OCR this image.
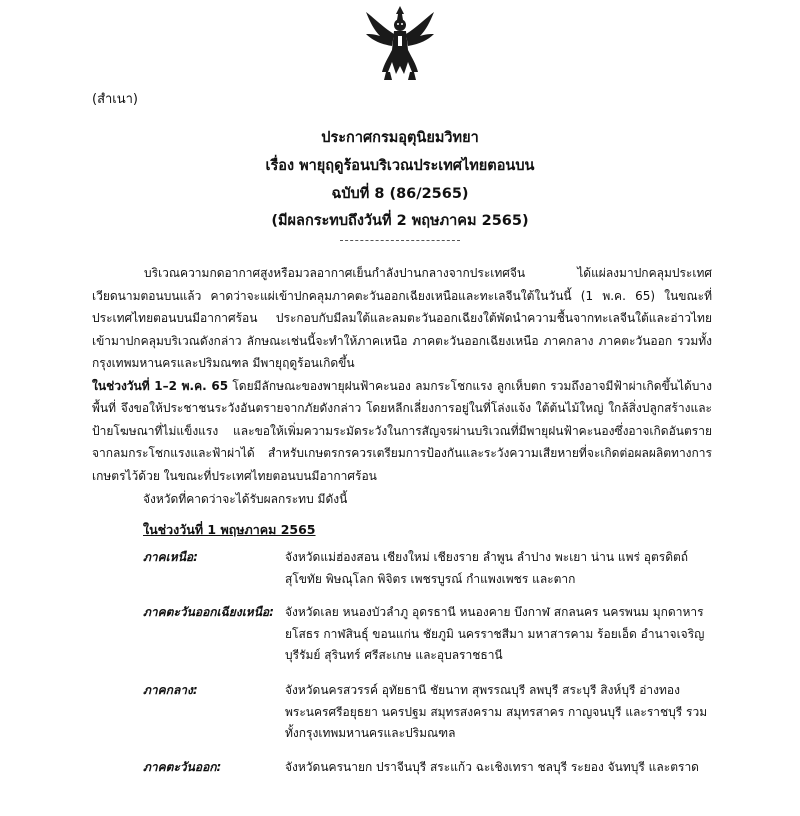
(สำเนา)
ประกาศกรมอุตุนิยมวิทยา
เรื่อง พายุฤดูร้อนบริเวณประเทศไทยตอนบน
ฉบับที่ 8 (86/2565)
(มีผลกระทบถึงวันที่ 2 พฤษภาคม 2565)
บริเวณความกดอากาศสูงหรือมวลอากาศเย็นกำลังปานกลางจากประเทศจีน ได้แผ่ลงมาปกคลุมประเทศเวียดนามตอนบนแล้ว คาดว่าจะแผ่เข้าปกคลุมภาคตะวันออกเฉียงเหนือและทะเลจีนใต้ในวันนี้ (1 พ.ค. 65) ในขณะที่ประเทศไทยตอนบนมีอากาศร้อน ประกอบกับมีลมใต้และลมตะวันออกเฉียงใต้พัดนำความชื้นจากทะเลจีนใต้และอ่าวไทยเข้ามาปกคลุมบริเวณดังกล่าว ลักษณะเช่นนี้จะทำให้ภาคเหนือ ภาคตะวันออกเฉียงเหนือ ภาคกลาง ภาคตะวันออก รวมทั้งกรุงเทพมหานครและปริมณฑล มีพายุฤดูร้อนเกิดขึ้น
ในช่วงวันที่ 1–2 พ.ค. 65 โดยมีลักษณะของพายุฝนฟ้าคะนอง ลมกระโชกแรง ลูกเห็บตก รวมถึงอาจมีฟ้าผ่าเกิดขึ้นได้บางพื้นที่ จึงขอให้ประชาชนระวังอันตรายจากภัยดังกล่าว โดยหลีกเลี่ยงการอยู่ในที่โล่งแจ้ง ใต้ต้นไม้ใหญ่ ใกล้สิ่งปลูกสร้างและป้ายโฆษณาที่ไม่แข็งแรง และขอให้เพิ่มความระมัดระวังในการสัญจรผ่านบริเวณที่มีพายุฝนฟ้าคะนองซึ่งอาจเกิดอันตรายจากลมกระโชกแรงและฟ้าผ่าได้ สำหรับเกษตรกรควรเตรียมการป้องกันและระวังความเสียหายที่จะเกิดต่อผลผลิตทางการเกษตรไว้ด้วย ในขณะที่ประเทศไทยตอนบนมีอากาศร้อน
จังหวัดที่คาดว่าจะได้รับผลกระทบ มีดังนี้
ในช่วงวันที่ 1 พฤษภาคม 2565
ภาคเหนือ:	จังหวัดแม่ฮ่องสอน เชียงใหม่ เชียงราย ลำพูน ลำปาง พะเยา น่าน แพร่ อุตรดิตถ์ สุโขทัย พิษณุโลก พิจิตร เพชรบูรณ์ กำแพงเพชร และตาก
ภาคตะวันออกเฉียงเหนือ: จังหวัดเลย หนองบัวลำภู อุดรธานี หนองคาย บึงกาฬ สกลนคร นครพนม มุกดาหาร ยโสธร กาฬสินธุ์ ขอนแก่น ชัยภูมิ นครราชสีมา มหาสารคาม ร้อยเอ็ด อำนาจเจริญ บุรีรัมย์ สุรินทร์ ศรีสะเกษ และอุบลราชธานี
ภาคกลาง:	จังหวัดนครสวรรค์ อุทัยธานี ชัยนาท สุพรรณบุรี ลพบุรี สระบุรี สิงห์บุรี อ่างทอง พระนครศรีอยุธยา นครปฐม สมุทรสงคราม สมุทรสาคร กาญจนบุรี และราชบุรี รวมทั้งกรุงเทพมหานครและปริมณฑล
ภาคตะวันออก:	จังหวัดนครนายก ปราจีนบุรี สระแก้ว ฉะเชิงเทรา ชลบุรี ระยอง จันทบุรี และตราด
